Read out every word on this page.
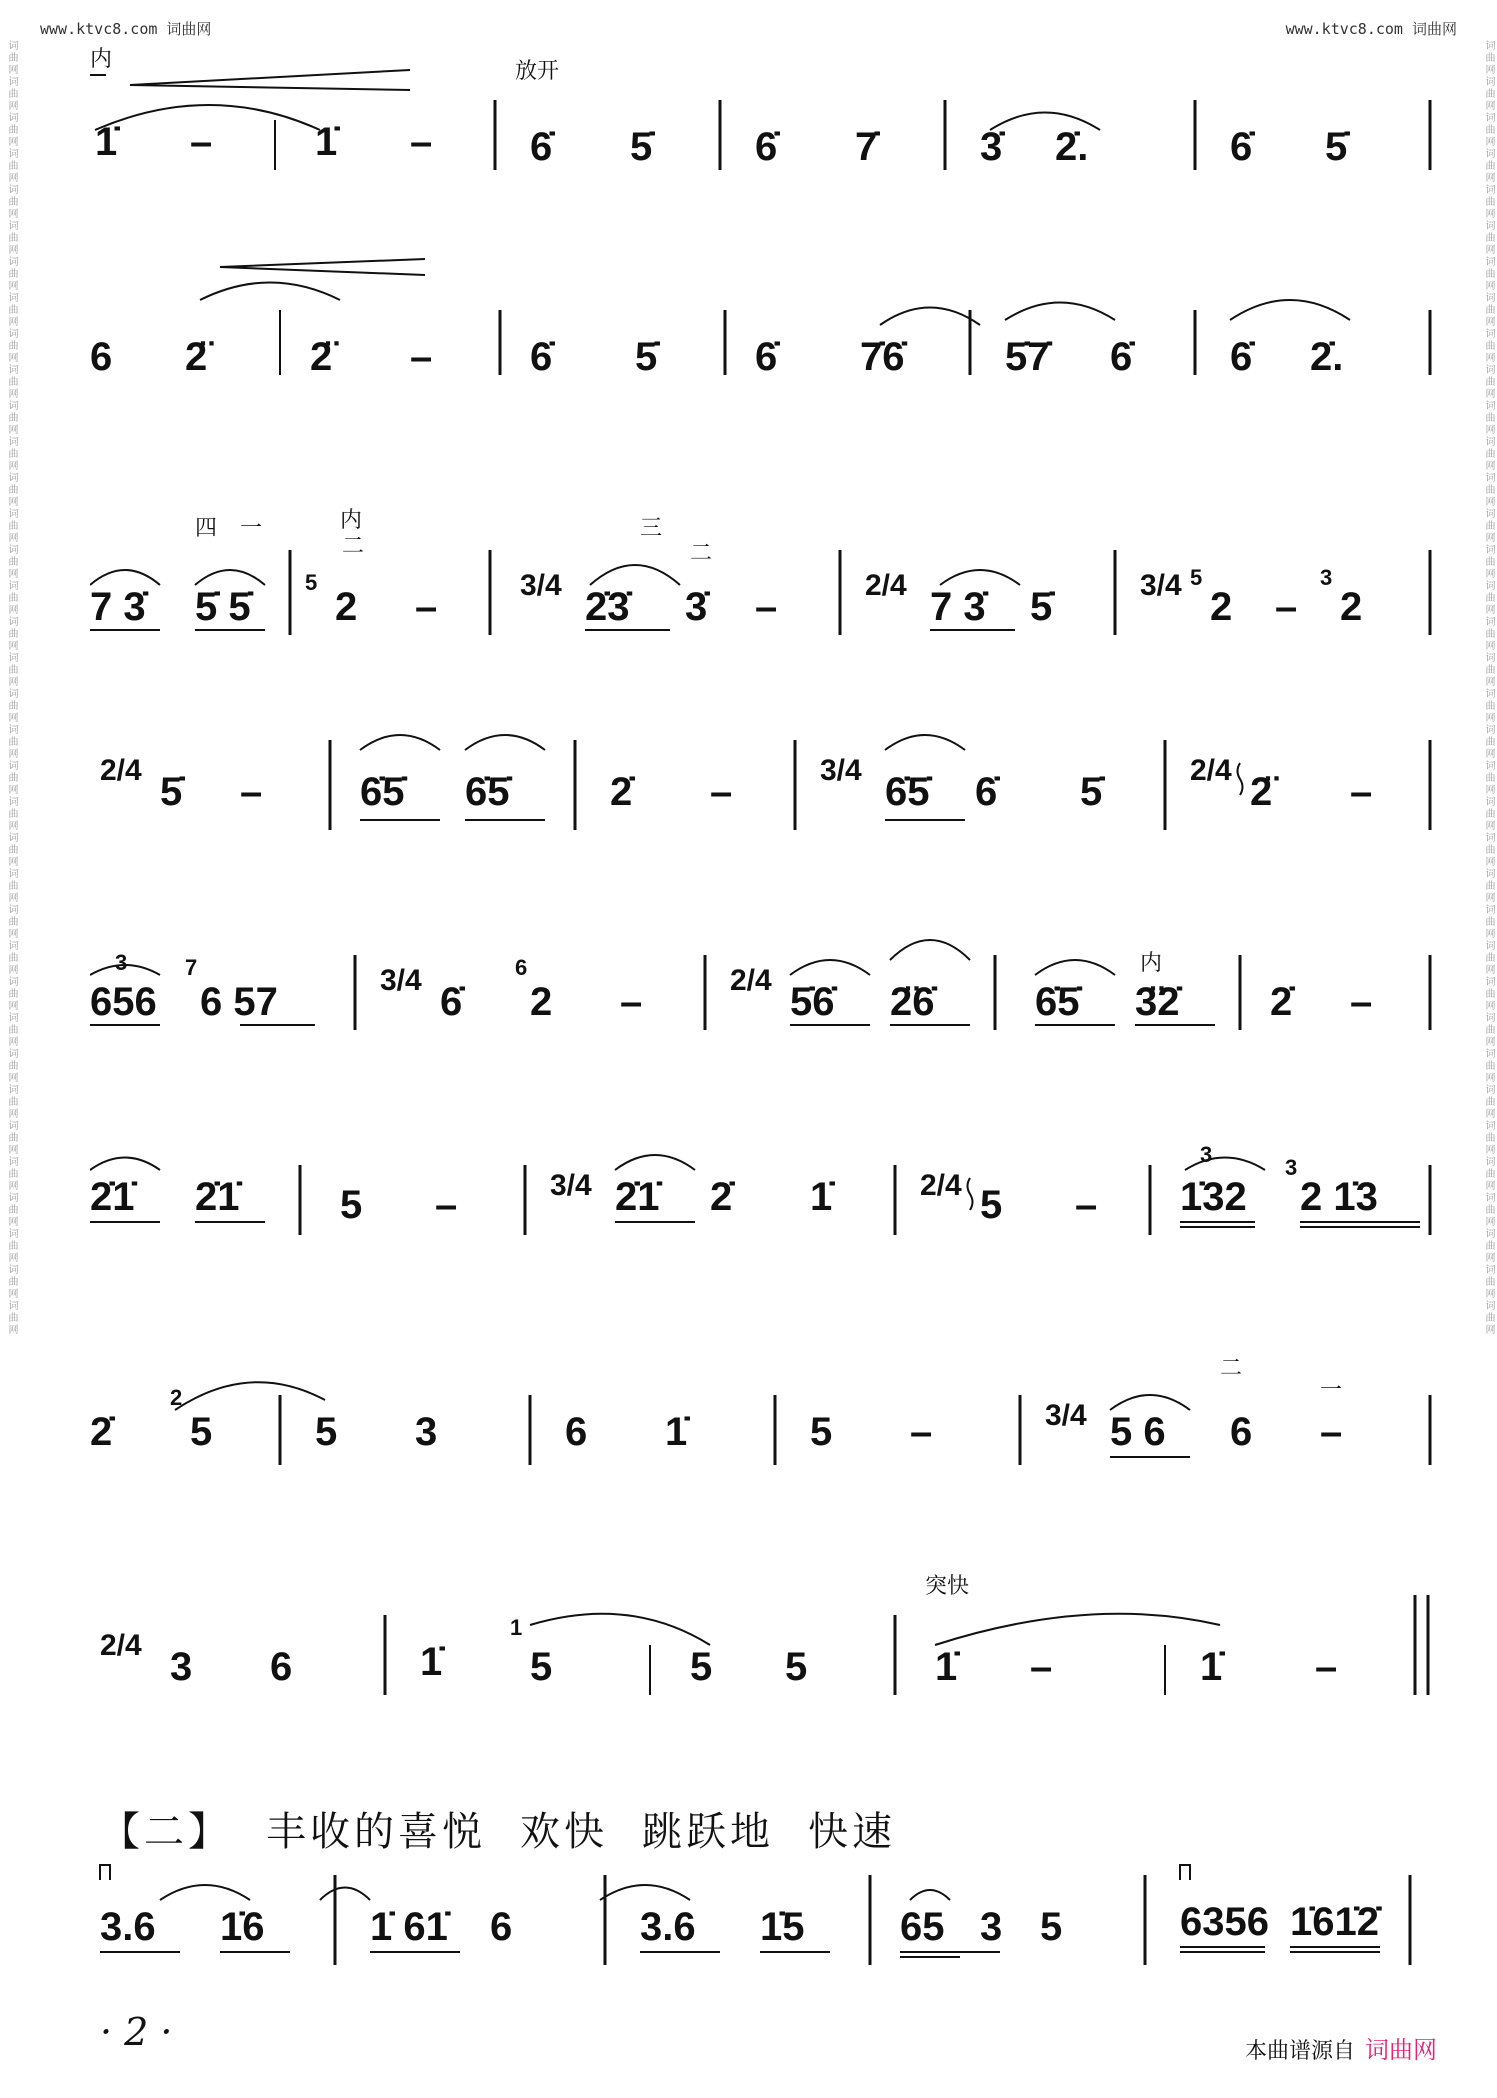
www.ktvc8.com 词曲网	www.ktvc8.com 词曲网
词曲网词曲网词曲网词曲网词曲网词曲网词曲网词曲网词曲网词曲网词曲网词曲网词曲网词曲网词曲网词曲网词曲网词曲网词曲网词曲网词曲网词曲网词曲网词曲网词曲网词曲网词曲网词曲网词曲网词曲网词曲网词曲网词曲网词曲网词曲网词曲网	词曲网词曲网词曲网词曲网词曲网词曲网词曲网词曲网词曲网词曲网词曲网词曲网词曲网词曲网词曲网词曲网词曲网词曲网词曲网词曲网词曲网词曲网词曲网词曲网词曲网词曲网词曲网词曲网词曲网词曲网词曲网词曲网词曲网词曲网词曲网词曲网
内	放开
1̇ –	1̇ – 6̇ 5̇	6̇ 7̇	3̇ 2̇.	6̇ 5̇
6 2̈	2̈ – 6̇ 5̇ 6̇ 7̇6̇	5̇7̇ 6̇ 6̇ 2̇.
四 一	内
二
三
二
7 3̇ 5̇ 5̇
5
2 –	3/4 2̇3̇ 3̇ –	2/4 7 3̇ 5̇	3/4 5
2 –
3
2
2/4 5̇ – 6̇5̇ 6̇5̇	2̇ –	3/4 6̇5̇ 6̇ 5̇	2/4 2̈ –
3	内
656
7
6 57	3/4 6̇
6
2 –	2/4 5̇6̇ 2̈6̇	6̇5̇ 3̈2̇ 2̇ –
3
2̇1̇ 2̇1̇	5 –	3/4 2̇1̇ 2̇ 1̇	2/4 5 – 1̇32
3
2 1̇3
二
一
2̇
2
5	5 3	6 1̇	5 –	3/4 5 6 6 –
突快
2/4 3 6	1̇
1
5	5 5	1̇ –	1̇ –
【二】 丰收的喜悦 欢快 跳跃地 快速
3.6 1̇6	1̇ 61̇ 6	3.6 1̇5 65 3 5	6356 1̇61̇2̇
· 2 ·	本曲谱源自 词曲网
